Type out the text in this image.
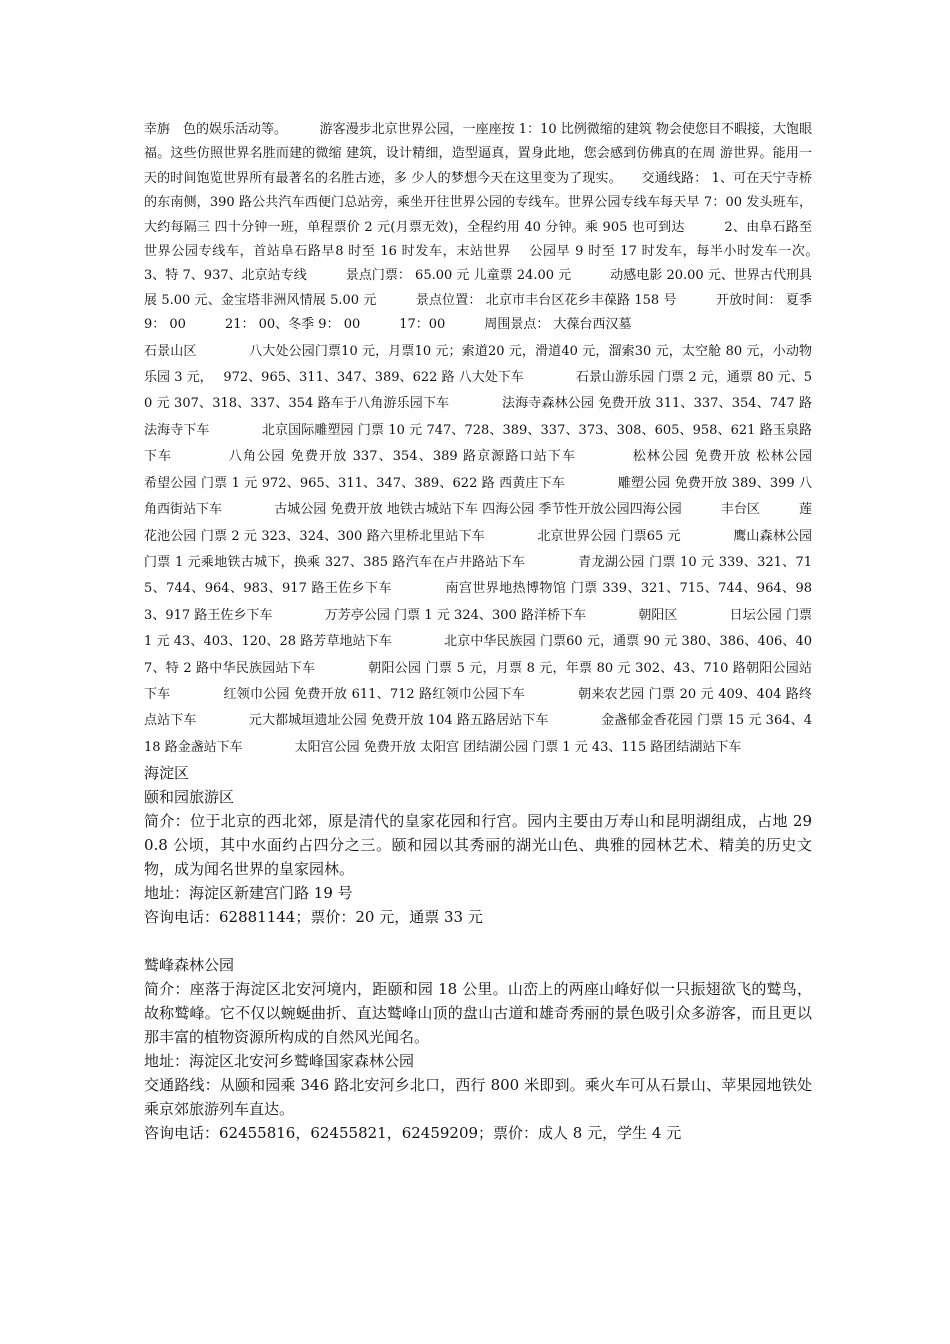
幸旃　色的娱乐活动等。　　　游客漫步北京世界公园，一座座按 1：10 比例微缩的建筑 物会使您目不暇接，大饱眼福。这些仿照世界名胜而建的微缩 建筑，设计精细，造型逼真，置身此地，您会感到仿佛真的在周 游世界。能用一天的时间饱览世界所有最著名的名胜古迹，多 少人的梦想今天在这里变为了现实。　　交通线路： 1、可在天宁寺桥的东南侧，390 路公共汽车西便门总站旁，乘坐开往世界公园的专线车。世界公园专线车每天早 7：00 发头班车，大约每隔三 四十分钟一班，单程票价 2 元(月票无效)，全程约用 40 分钟。乘 905 也可到达　　　2、由阜石路至世界公园专线车，首站阜石路早8 时至 16 时发车，末站世界　 公园早 9 时至 17 时发车，每半小时发车一次。　　　3、特 7、937、北京站专线　　　景点门票： 65.00 元 儿童票 24.00 元　　　动感电影 20.00 元、世界古代刑具展 5.00 元、金宝塔非洲风情展 5.00 元　　　景点位置： 北京市丰台区花乡丰葆路 158 号　　　开放时间： 夏季 9： 00　　　21： 00、冬季 9： 00　　　17：00　　　周围景点： 大葆台西汉墓

石景山区　　　　八大处公园门票10 元，月票10 元；索道20 元，滑道40 元，溜索30 元，太空舱 80 元，小动物乐园 3 元，　 972、965、311、347、389、622 路 八大处下车　　　　石景山游乐园 门票 2 元，通票 80 元、50 元 307、318、337、354 路车于八角游乐园下车　　　　法海寺森林公园 免费开放 311、337、354、747 路法海寺下车　　　　北京国际雕塑园 门票 10 元 747、728、389、337、373、308、605、958、621 路玉泉路下车　　　　八角公园 免费开放 337、354、389 路京源路口站下车　　　　松林公园 免费开放 松林公园　　　　希望公园 门票 1 元 972、965、311、347、389、622 路 西黄庄下车　　　　雕塑公园 免费开放 389、399 八角西街站下车　　　　古城公园 免费开放 地铁古城站下车 四海公园 季节性开放公园四海公园　　　丰台区　　　莲花池公园 门票 2 元 323、324、300 路六里桥北里站下车　　　　北京世界公园 门票65 元　　　　鹰山森林公园 门票 1 元乘地铁古城下，换乘 327、385 路汽车在卢井路站下车　　　　青龙湖公园 门票 10 元 339、321、715、744、964、983、917 路王佐乡下车　　　　南宫世界地热博物馆 门票 339、321、715、744、964、983、917 路王佐乡下车　　　　万芳亭公园 门票 1 元 324、300 路洋桥下车　　　　朝阳区　　　　日坛公园 门票 1 元 43、403、120、28 路芳草地站下车　　　　北京中华民族园 门票60 元，通票 90 元 380、386、406、407、特 2 路中华民族园站下车　　　　朝阳公园 门票 5 元，月票 8 元，年票 80 元 302、43、710 路朝阳公园站下车　　　　红领巾公园 免费开放 611、712 路红领巾公园下车　　　　朝来农艺园 门票 20 元 409、404 路终点站下车　　　　元大都城垣遗址公园 免费开放 104 路五路居站下车　　　　金盏郁金香花园 门票 15 元 364、418 路金盏站下车　　　　太阳宫公园 免费开放 太阳宫 团结湖公园 门票 1 元 43、115 路团结湖站下车

海淀区

颐和园旅游区

简介：位于北京的西北郊，原是清代的皇家花园和行宫。园内主要由万寿山和昆明湖组成，占地 290.8 公顷，其中水面约占四分之三。颐和园以其秀丽的湖光山色、典雅的园林艺术、精美的历史文物，成为闻名世界的皇家园林。

地址：海淀区新建宫门路 19 号

咨询电话：62881144；票价：20 元，通票 33 元

鹫峰森林公园

简介：座落于海淀区北安河境内，距颐和园 18 公里。山峦上的两座山峰好似一只振翅欲飞的鹫鸟，故称鹫峰。它不仅以蜿蜒曲折、直达鹫峰山顶的盘山古道和雄奇秀丽的景色吸引众多游客，而且更以那丰富的植物资源所构成的自然风光闻名。

地址：海淀区北安河乡鹫峰国家森林公园

交通路线：从颐和园乘 346 路北安河乡北口，西行 800 米即到。乘火车可从石景山、苹果园地铁处乘京郊旅游列车直达。

咨询电话：62455816，62455821，62459209；票价：成人 8 元，学生 4 元
